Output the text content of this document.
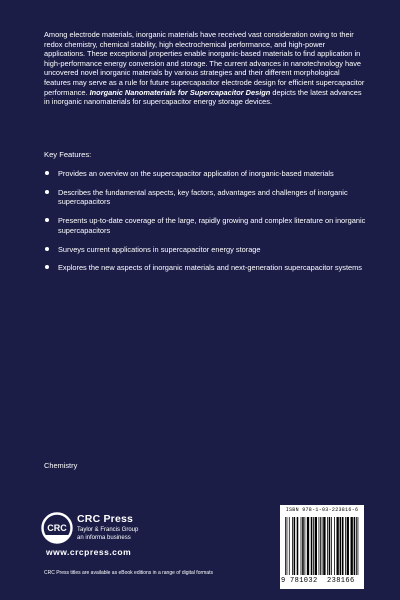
Among electrode materials, inorganic materials have received vast consideration owing to their redox chemistry, chemical stability, high electrochemical performance, and high-power applications. These exceptional properties enable inorganic-based materials to find application in high-performance energy conversion and storage. The current advances in nanotechnology have uncovered novel inorganic materials by various strategies and their different morphological features may serve as a rule for future supercapacitor electrode design for efficient supercapacitor performance. Inorganic Nanomaterials for Supercapacitor Design depicts the latest advances in inorganic nanomaterials for supercapacitor energy storage devices.

Key Features:

Provides an overview on the supercapacitor application of inorganic-based materials
Describes the fundamental aspects, key factors, advantages and challenges of inorganic supercapacitors
Presents up-to-date coverage of the large, rapidly growing and complex literature on inorganic supercapacitors
Surveys current applications in supercapacitor energy storage
Explores the new aspects of inorganic materials and next-generation supercapacitor systems

Chemistry

CRC
CRC Press
Taylor & Francis Group
an informa business
www.crcpress.com

CRC Press titles are available as eBook editions in a range of digital formats

ISBN 978-1-03-223816-6
9 781032 238166
